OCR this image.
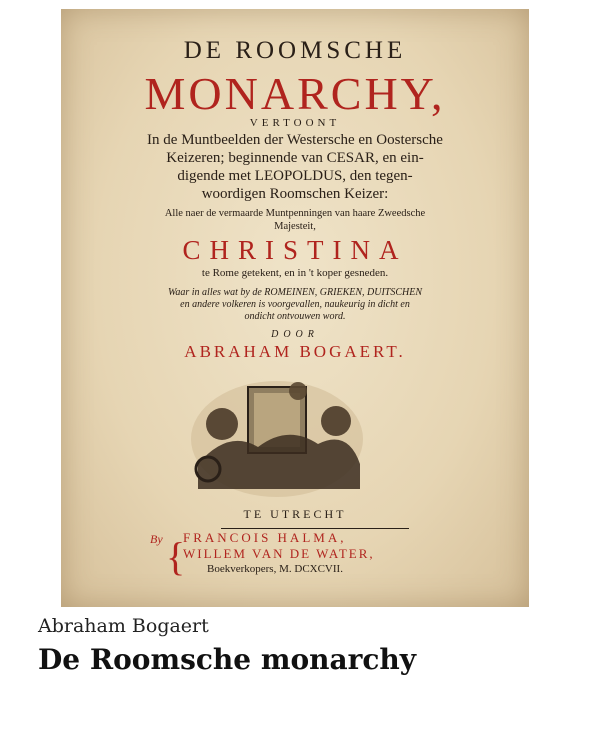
DE ROOMSCHE
MONARCHY,
VERTOONT
In de Muntbeelden der Westersche en Oostersche
Keizeren; beginnende van CESAR, en ein-
digende met LEOPOLDUS, den tegen-
woordigen Roomschen Keizer:
Alle naer de vermaarde Muntpenningen van haare Zweedsche
Majesteit,
CHRISTINA
te Rome getekent, en in 't koper gesneden.
Waar in alles wat by de ROMEINEN, GRIEKEN, DUITSCHEN
en andere volkeren is voorgevallen, naukeurig in dicht en
ondicht ontvouwen word.
DOOR
ABRAHAM BOGAERT.
TE UTRECHT
By {
FRANCOIS HALMA,
WILLEM VAN DE WATER,
Boekverkopers, M. DCXCVII.
Abraham Bogaert
De Roomsche monarchy
